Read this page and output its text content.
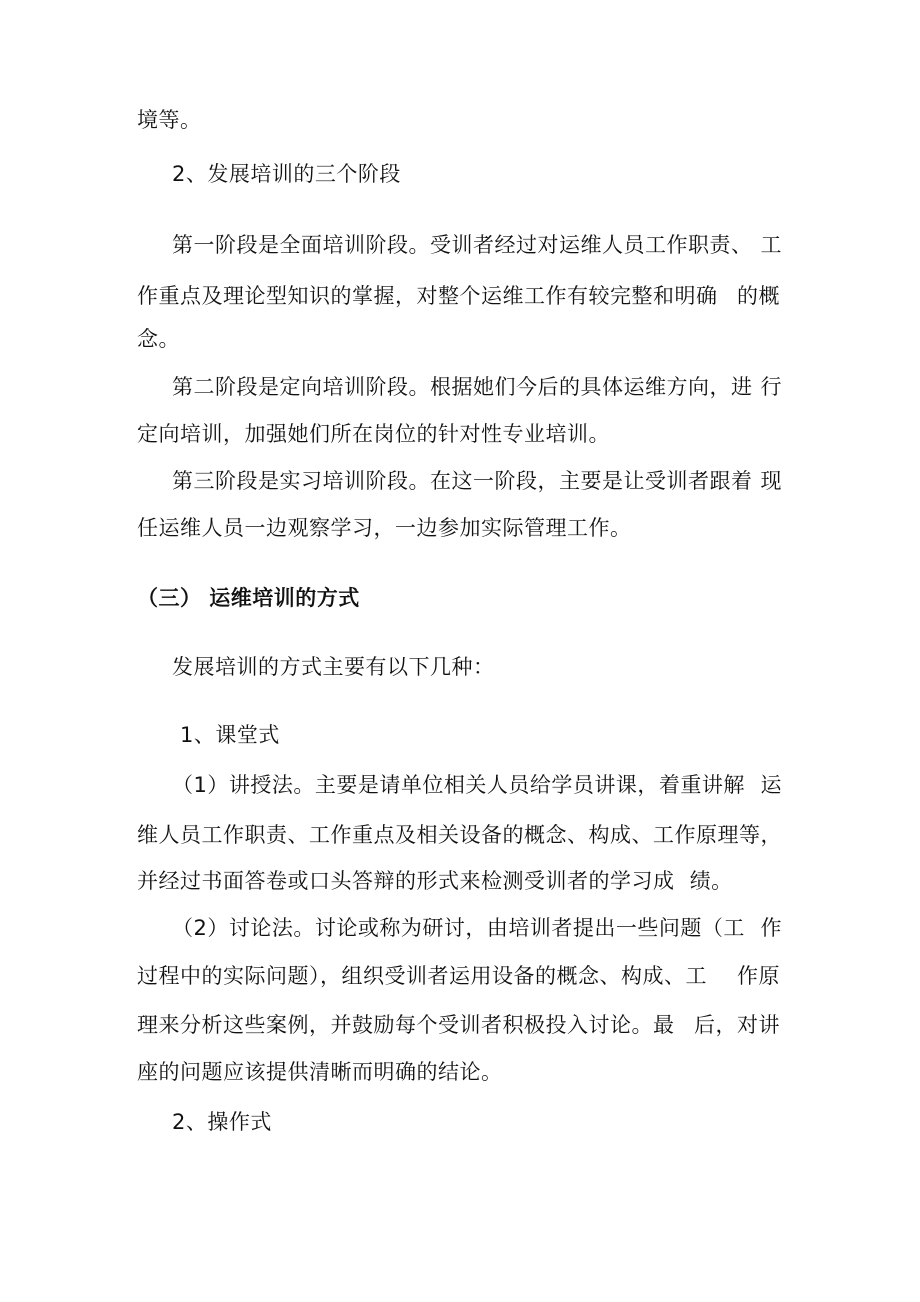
境等。
2、发展培训的三个阶段
第一阶段是全面培训阶段。受训者经过对运维人员工作职责、 工
作重点及理论型知识的掌握，对整个运维工作有较完整和明确 的概
念。
第二阶段是定向培训阶段。根据她们今后的具体运维方向，进 行
定向培训，加强她们所在岗位的针对性专业培训。
第三阶段是实习培训阶段。在这一阶段，主要是让受训者跟着 现
任运维人员一边观察学习，一边参加实际管理工作。
（三） 运维培训的方式
发展培训的方式主要有以下几种：
1、课堂式
（1）讲授法。主要是请单位相关人员给学员讲课，着重讲解 运
维人员工作职责、工作重点及相关设备的概念、构成、工作原 理等，
并经过书面答卷或口头答辩的形式来检测受训者的学习成 绩。
（2）讨论法。讨论或称为研讨，由培训者提出一些问题（工 作
过程中的实际问题），组织受训者运用设备的概念、构成、工 作原
理来分析这些案例，并鼓励每个受训者积极投入讨论。最 后，对讲
座的问题应该提供清晰而明确的结论。
2、操作式
